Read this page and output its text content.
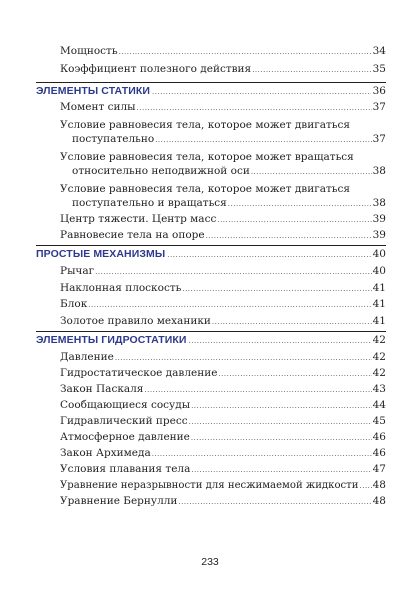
Мощность .....	34
Коэффициент полезного действия .....	35
ЭЛЕМЕНТЫ СТАТИКИ .....	36
Момент силы .....	37
Условие равновесия тела, которое может двигаться
поступательно .....	37
Условие равновесия тела, которое может вращаться
относительно неподвижной оси .....	38
Условие равновесия тела, которое может двигаться
поступательно и вращаться .....	38
Центр тяжести. Центр масс .....	39
Равновесие тела на опоре .....	39
ПРОСТЫЕ МЕХАНИЗМЫ .....	40
Рычаг .....	40
Наклонная плоскость .....	41
Блок .....	41
Золотое правило механики .....	41
ЭЛЕМЕНТЫ ГИДРОСТАТИКИ .....	42
Давление .....	42
Гидростатическое давление .....	42
Закон Паскаля .....	43
Сообщающиеся сосуды .....	44
Гидравлический пресс .....	45
Атмосферное давление .....	46
Закон Архимеда .....	46
Условия плавания тела .....	47
Уравнение неразрывности для несжимаемой жидкости ..... 48
Уравнение Бернулли .....	48
233
